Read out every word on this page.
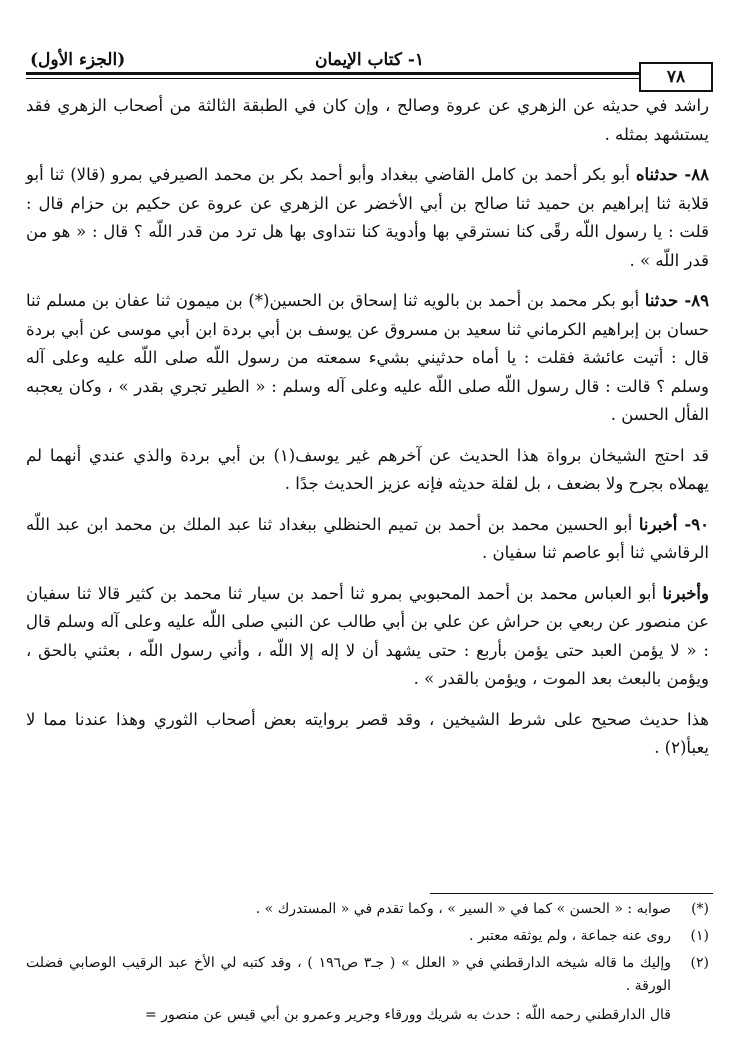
١- كتاب الإيمان
(الجزء الأول)
٧٨

راشد في حديثه عن الزهري عن عروة وصالح ، وإن كان في الطبقة الثالثة من أصحاب الزهري فقد يستشهد بمثله .

٨٨- حدثناه أبو بكر أحمد بن كامل القاضي ببغداد وأبو أحمد بكر بن محمد الصيرفي بمرو (قالا) ثنا أبو قلابة ثنا إبراهيم بن حميد ثنا صالح بن أبي الأخضر عن الزهري عن عروة عن حكيم بن حزام قال : قلت : يا رسول اللّه رقًى كنا نسترقي بها وأدوية كنا نتداوى بها هل ترد من قدر اللّه ؟ قال : « هو من قدر اللّه » .

٨٩- حدثنا أبو بكر محمد بن أحمد بن بالويه ثنا إسحاق بن الحسين(*) بن ميمون ثنا عفان بن مسلم ثنا حسان بن إبراهيم الكرماني ثنا سعيد بن مسروق عن يوسف بن أبي بردة ابن أبي موسى عن أبي بردة قال : أتيت عائشة فقلت : يا أماه حدثيني بشيء سمعته من رسول اللّه صلى اللّه عليه وعلى آله وسلم ؟ قالت : قال رسول اللّه صلى اللّه عليه وعلى آله وسلم : « الطير تجري بقدر » ، وكان يعجبه الفأل الحسن .

قد احتج الشيخان برواة هذا الحديث عن آخرهم غير يوسف(١) بن أبي بردة والذي عندي أنهما لم يهملاه بجرح ولا بضعف ، بل لقلة حديثه فإنه عزيز الحديث جدًا .

٩٠- أخبرنا أبو الحسين محمد بن أحمد بن تميم الحنظلي ببغداد ثنا عبد الملك بن محمد ابن عبد اللّه الرقاشي ثنا أبو عاصم ثنا سفيان .

وأخبرنا أبو العباس محمد بن أحمد المحبوبي بمرو ثنا أحمد بن سيار ثنا محمد بن كثير قالا ثنا سفيان عن منصور عن ربعي بن حراش عن علي بن أبي طالب عن النبي صلى اللّه عليه وعلى آله وسلم قال : « لا يؤمن العبد حتى يؤمن بأربع : حتى يشهد أن لا إله إلا اللّه ، وأني رسول اللّه ، بعثني بالحق ، ويؤمن بالبعث بعد الموت ، ويؤمن بالقدر » .

هذا حديث صحيح على شرط الشيخين ، وقد قصر بروايته بعض أصحاب الثوري وهذا عندنا مما لا يعبأ(٢) .

(*)
صوابه : « الحسن » كما في « السير » ، وكما تقدم في « المستدرك » .
(١)
روى عنه جماعة ، ولم يوثقه معتبر .
(٢)
وإليك ما قاله شيخه الدارقطني في « العلل » ( جـ٣ ص١٩٦ ) ، وقد كتبه لي الأخ عبد الرقيب الوصابي فضلت الورقة .
قال الدارقطني رحمه اللّه : حدث به شريك وورقاء وجرير وعمرو بن أبي قيس عن منصور =
